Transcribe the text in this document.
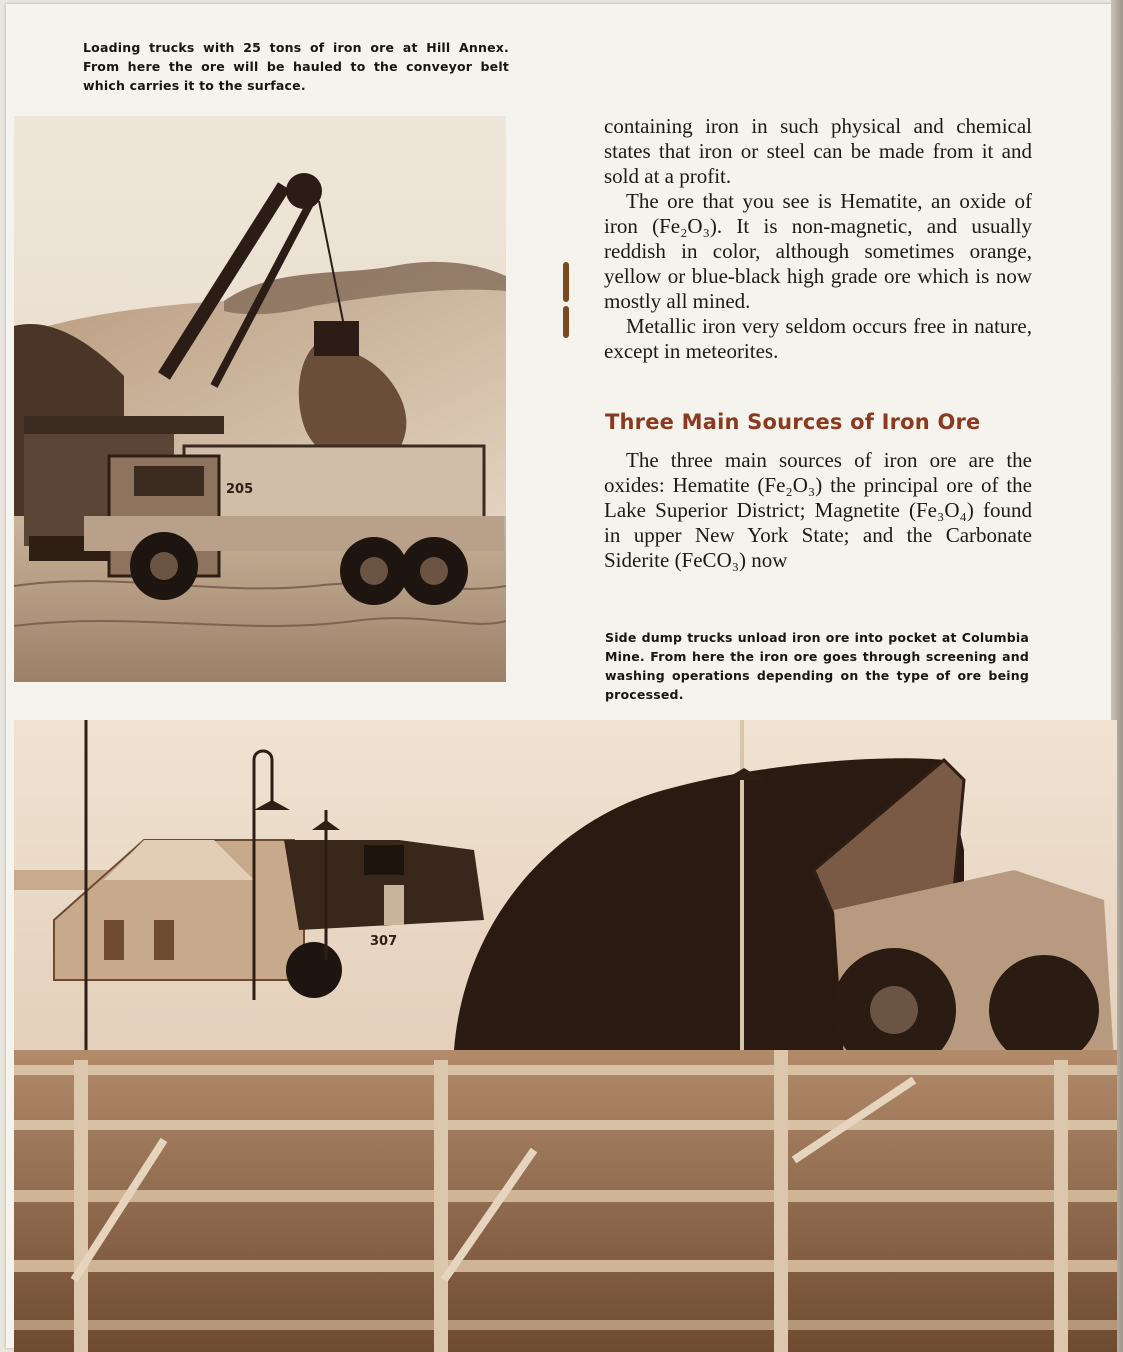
Loading trucks with 25 tons of iron ore at Hill Annex. From here the ore will be hauled to the conveyor belt which carries it to the surface.
205

containing iron in such physical and chemical states that iron or steel can be made from it and sold at a profit.

The ore that you see is Hematite, an oxide of iron (Fe₂O₃). It is non-magnetic, and usually reddish in color, although sometimes orange, yellow or blue-black high grade ore which is now mostly all mined.

Metallic iron very seldom occurs free in nature, except in meteorites.

Three Main Sources of Iron Ore

The three main sources of iron ore are the oxides: Hematite (Fe₂O₃) the principal ore of the Lake Superior District; Magnetite (Fe₃O₄) found in upper New York State; and the Carbonate Siderite (FeCO₃) now

Side dump trucks unload iron ore into pocket at Columbia Mine. From here the iron ore goes through screening and washing operations depending on the type of ore being processed.
307
